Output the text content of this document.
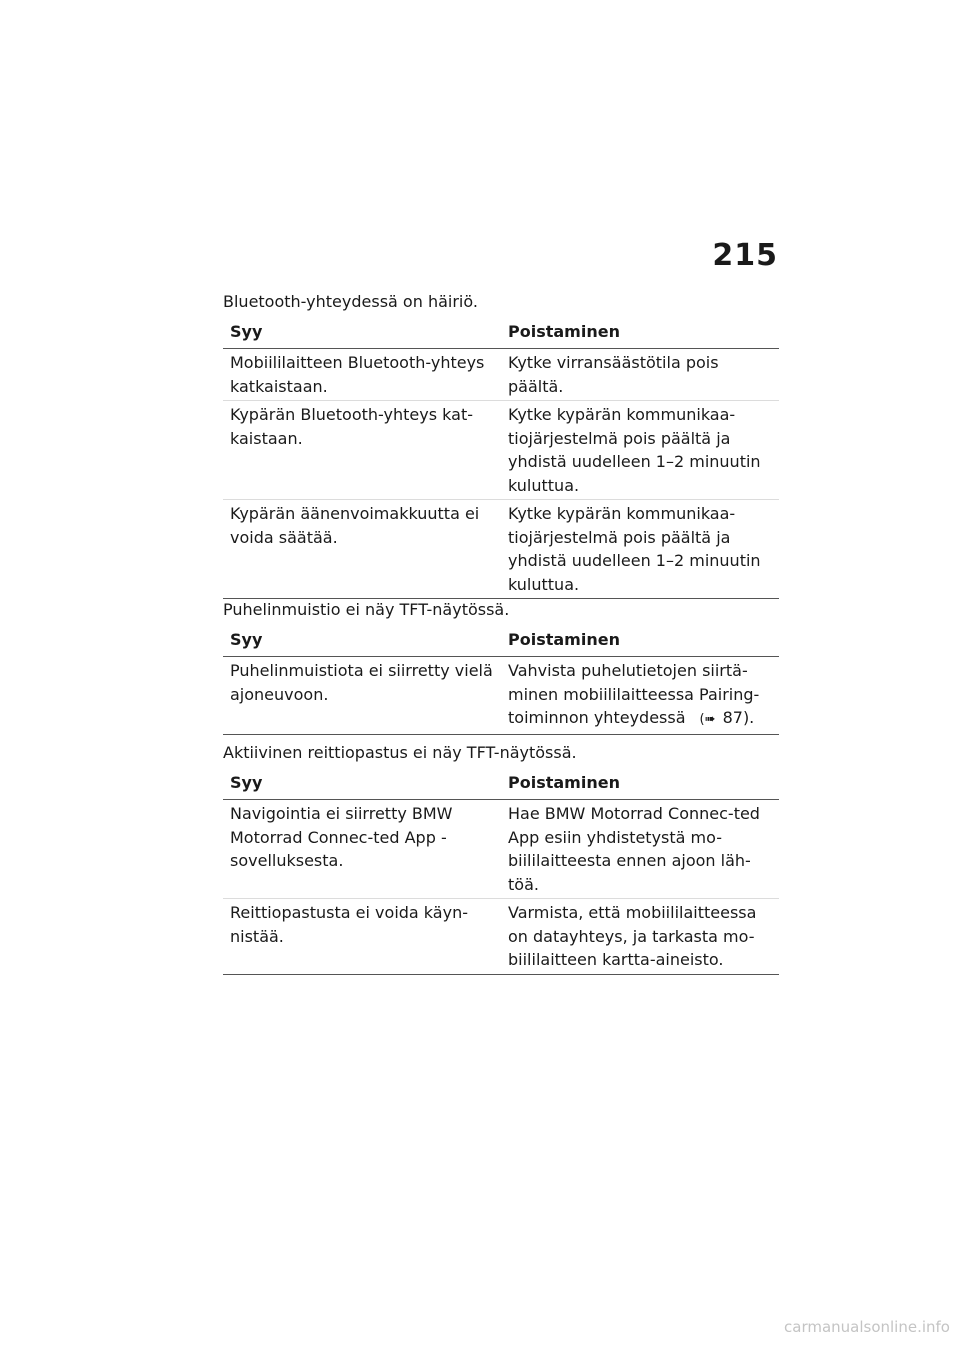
215
Bluetooth-yhteydessä on häiriö.
Syy	Poistaminen
Mobiililaitteen Bluetooth-yhteys katkaistaan.	Kytke virransäästötila pois päältä.
Kypärän Bluetooth-yhteys kat-kaistaan.	Kytke kypärän kommunikaa-tiojärjestelmä pois päältä ja yhdistä uudelleen 1–2 minuutin kuluttua.
Kypärän äänenvoimakkuutta ei voida säätää.	Kytke kypärän kommunikaa-tiojärjestelmä pois päältä ja yhdistä uudelleen 1–2 minuutin kuluttua.
Puhelinmuistio ei näy TFT-näytössä.
Syy	Poistaminen
Puhelinmuistiota ei siirretty vielä ajoneuvoon.	Vahvista puhelutietojen siirtä-minen mobiililaitteessa Pairing-toiminnon yhteydessä (➠ 87).
Aktiivinen reittiopastus ei näy TFT-näytössä.
Syy	Poistaminen
Navigointia ei siirretty BMW Motorrad Connec-ted App -sovelluksesta.	Hae BMW Motorrad Connec-ted App esiin yhdistetystä mo-biililaitteesta ennen ajoon läh-töä.
Reittiopastusta ei voida käyn-nistää.	Varmista, että mobiililaitteessa on datayhteys, ja tarkasta mo-biililaitteen kartta-aineisto.
carmanualsonline.info
